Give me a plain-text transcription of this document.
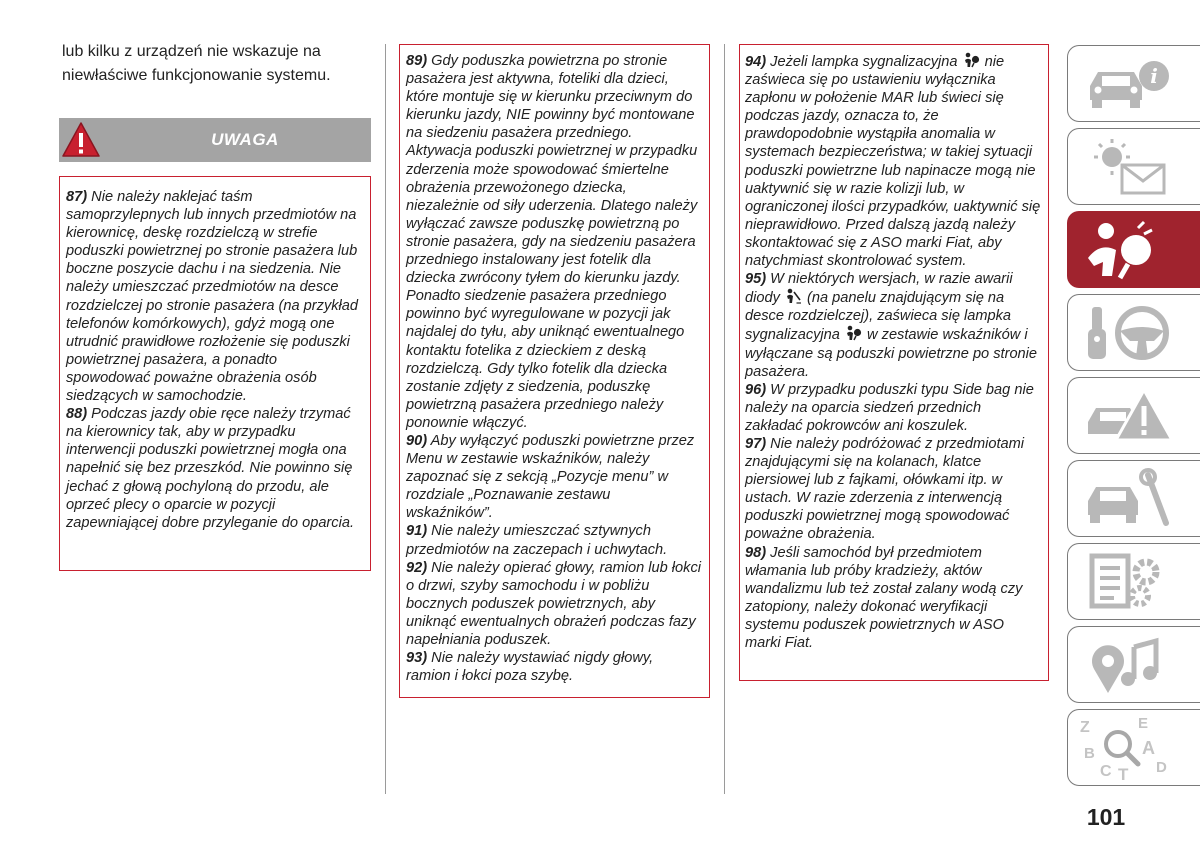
lub kilku z urządzeń nie wskazuje na niewłaściwe funkcjonowanie systemu.
UWAGA

87) Nie należy naklejać taśm samoprzylepnych lub innych przedmiotów na kierownicę, deskę rozdzielczą w strefie poduszki powietrznej po stronie pasażera lub boczne poszycie dachu i na siedzenia. Nie należy umieszczać przedmiotów na desce rozdzielczej po stronie pasażera (na przykład telefonów komórkowych), gdyż mogą one utrudnić prawidłowe rozłożenie się poduszki powietrznej pasażera, a ponadto spowodować poważne obrażenia osób siedzących w samochodzie.

88) Podczas jazdy obie ręce należy trzymać na kierownicy tak, aby w przypadku interwencji poduszki powietrznej mogła ona napełnić się bez przeszkód. Nie powinno się jechać z głową pochyloną do przodu, ale oprzeć plecy o oparcie w pozycji zapewniającej dobre przyleganie do oparcia.

89) Gdy poduszka powietrzna po stronie pasażera jest aktywna, foteliki dla dzieci, które montuje się w kierunku przeciwnym do kierunku jazdy, NIE powinny być montowane na siedzeniu pasażera przedniego. Aktywacja poduszki powietrznej w przypadku zderzenia może spowodować śmiertelne obrażenia przewożonego dziecka, niezależnie od siły uderzenia. Dlatego należy wyłączać zawsze poduszkę powietrzną po stronie pasażera, gdy na siedzeniu pasażera przedniego instalowany jest fotelik dla dziecka zwrócony tyłem do kierunku jazdy. Ponadto siedzenie pasażera przedniego powinno być wyregulowane w pozycji jak najdalej do tyłu, aby uniknąć ewentualnego kontaktu fotelika z dzieckiem z deską rozdzielczą. Gdy tylko fotelik dla dziecka zostanie zdjęty z siedzenia, poduszkę powietrzną pasażera przedniego należy ponownie włączyć.

90) Aby wyłączyć poduszki powietrzne przez Menu w zestawie wskaźników, należy zapoznać się z sekcją „Pozycje menu” w rozdziale „Poznawanie zestawu wskaźników”.

91) Nie należy umieszczać sztywnych przedmiotów na zaczepach i uchwytach.

92) Nie należy opierać głowy, ramion lub łokci o drzwi, szyby samochodu i w pobliżu bocznych poduszek powietrznych, aby uniknąć ewentualnych obrażeń podczas fazy napełniania poduszek.

93) Nie należy wystawiać nigdy głowy, ramion i łokci poza szybę.

94) Jeżeli lampka sygnalizacyjna nie zaświeca się po ustawieniu wyłącznika zapłonu w położenie MAR lub świeci się podczas jazdy, oznacza to, że prawdopodobnie wystąpiła anomalia w systemach bezpieczeństwa; w takiej sytuacji poduszki powietrzne lub napinacze mogą nie uaktywnić się w razie kolizji lub, w ograniczonej ilości przypadków, uaktywnić się nieprawidłowo. Przed dalszą jazdą należy skontaktować się z ASO marki Fiat, aby natychmiast skontrolować system.

95) W niektórych wersjach, w razie awarii diody (na panelu znajdującym się na desce rozdzielczej), zaświeca się lampka sygnalizacyjna w zestawie wskaźników i wyłączane są poduszki powietrzne po stronie pasażera.

96) W przypadku poduszki typu Side bag nie należy na oparcia siedzeń przednich zakładać pokrowców ani koszulek.

97) Nie należy podróżować z przedmiotami znajdującymi się na kolanach, klatce piersiowej lub z fajkami, ołówkami itp. w ustach. W razie zderzenia z interwencją poduszki powietrznej mogą spowodować poważne obrażenia.

98) Jeśli samochód był przedmiotem włamania lub próby kradzieży, aktów wandalizmu lub też został zalany wodą czy zatopiony, należy dokonać weryfikacji systemu poduszek powietrznych w ASO marki Fiat.

i
Z	E
B	A
C T D
101
